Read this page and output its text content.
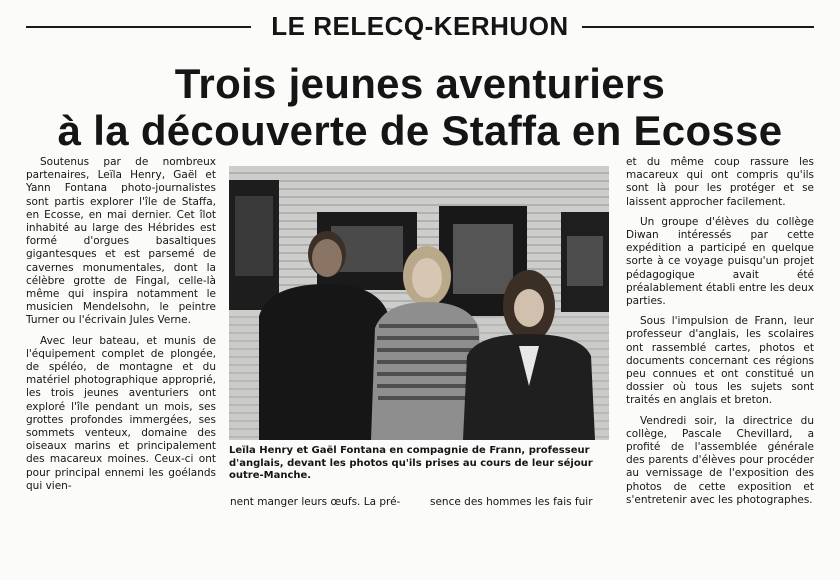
LE RELECQ-KERHUON
Trois jeunes aventuriers
à la découverte de Staffa en Ecosse

Soutenus par de nombreux partenaires, Leïla Henry, Gaël et Yann Fontana photo-journalistes sont partis explorer l'île de Staffa, en Ecosse, en mai dernier. Cet îlot inhabité au large des Hébrides est formé d'orgues basaltiques gigantesques et est parsemé de cavernes monumentales, dont la célèbre grotte de Fingal, celle-là même qui inspira notamment le musicien Mendelsohn, le peintre Turner ou l'écrivain Jules Verne.

Avec leur bateau, et munis de l'équipement complet de plongée, de spéléo, de montagne et du matériel photographique approprié, les trois jeunes aventuriers ont exploré l'île pendant un mois, ses grottes profondes immergées, ses sommets venteux, domaine des oiseaux marins et principalement des macareux moines. Ceux-ci ont pour principal ennemi les goélands qui vien-

Leïla Henry et Gaël Fontana en compagnie de Frann, professeur d'anglais, devant les photos qu'ils prises au cours de leur séjour outre-Manche.
nent manger leurs œufs. La pré-	sence des hommes les fais fuir

et du même coup rassure les macareux qui ont compris qu'ils sont là pour les protéger et se laissent approcher facilement.

Un groupe d'élèves du collège Diwan intéressés par cette expédition a participé en quelque sorte à ce voyage puisqu'un projet pédagogique avait été préalablement établi entre les deux parties.

Sous l'impulsion de Frann, leur professeur d'anglais, les scolaires ont rassemblé cartes, photos et documents concernant ces régions peu connues et ont constitué un dossier où tous les sujets sont traités en anglais et breton.

Vendredi soir, la directrice du collège, Pascale Chevillard, a profité de l'assemblée générale des parents d'élèves pour procéder au vernissage de l'exposition des photos de cette exposition et s'entretenir avec les photographes.
